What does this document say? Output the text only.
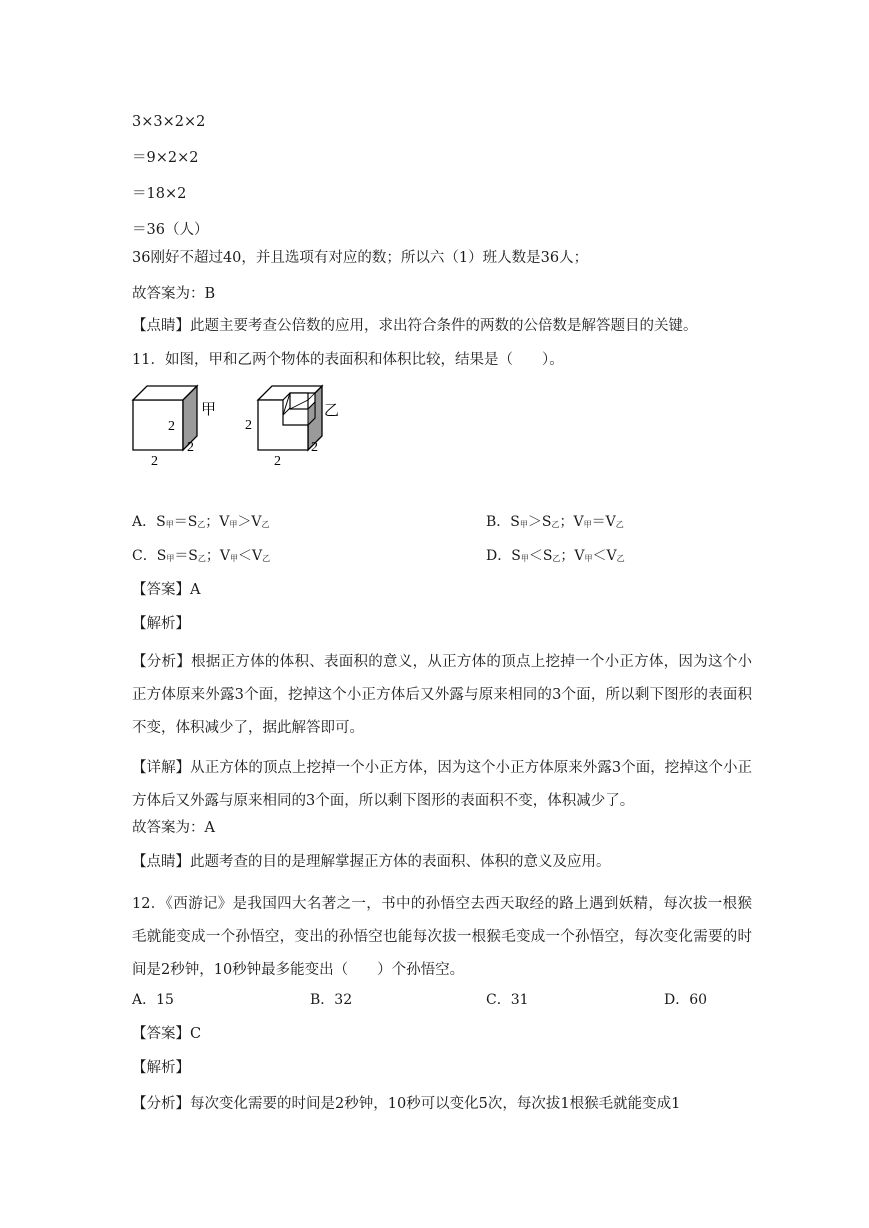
3×3×2×2
＝9×2×2
＝18×2
＝36（人）
36刚好不超过40，并且选项有对应的数；所以六（1）班人数是36人；
故答案为：B
【点睛】此题主要考查公倍数的应用，求出符合条件的两数的公倍数是解答题目的关键。
11．如图，甲和乙两个物体的表面积和体积比较，结果是（　　）。
甲
2
2
2
乙
2
2
2
A．$S_甲=S_乙$；$V_甲>V_乙$	B．$S_甲>S_乙$；$V_甲=V_乙$
C．$S_甲=S_乙$；$V_甲<V_乙$	D．$S_甲<S_乙$；$V_甲<V_乙$
【答案】A
【解析】
【分析】根据正方体的体积、表面积的意义，从正方体的顶点上挖掉一个小正方体，因为这个小正方体原来外露3个面，挖掉这个小正方体后又外露与原来相同的3个面，所以剩下图形的表面积不变，体积减少了，据此解答即可。
【详解】从正方体的顶点上挖掉一个小正方体，因为这个小正方体原来外露3个面，挖掉这个小正方体后又外露与原来相同的3个面，所以剩下图形的表面积不变，体积减少了。
故答案为：A
【点睛】此题考查的目的是理解掌握正方体的表面积、体积的意义及应用。
12．《西游记》是我国四大名著之一，书中的孙悟空去西天取经的路上遇到妖精，每次拔一根猴毛就能变成一个孙悟空，变出的孙悟空也能每次拔一根猴毛变成一个孙悟空，每次变化需要的时间是2秒钟，10秒钟最多能变出（　　）个孙悟空。
A．15	B．32	C．31	D．60
【答案】C
【解析】
【分析】每次变化需要的时间是2秒钟，10秒可以变化5次，每次拔1根猴毛就能变成1
